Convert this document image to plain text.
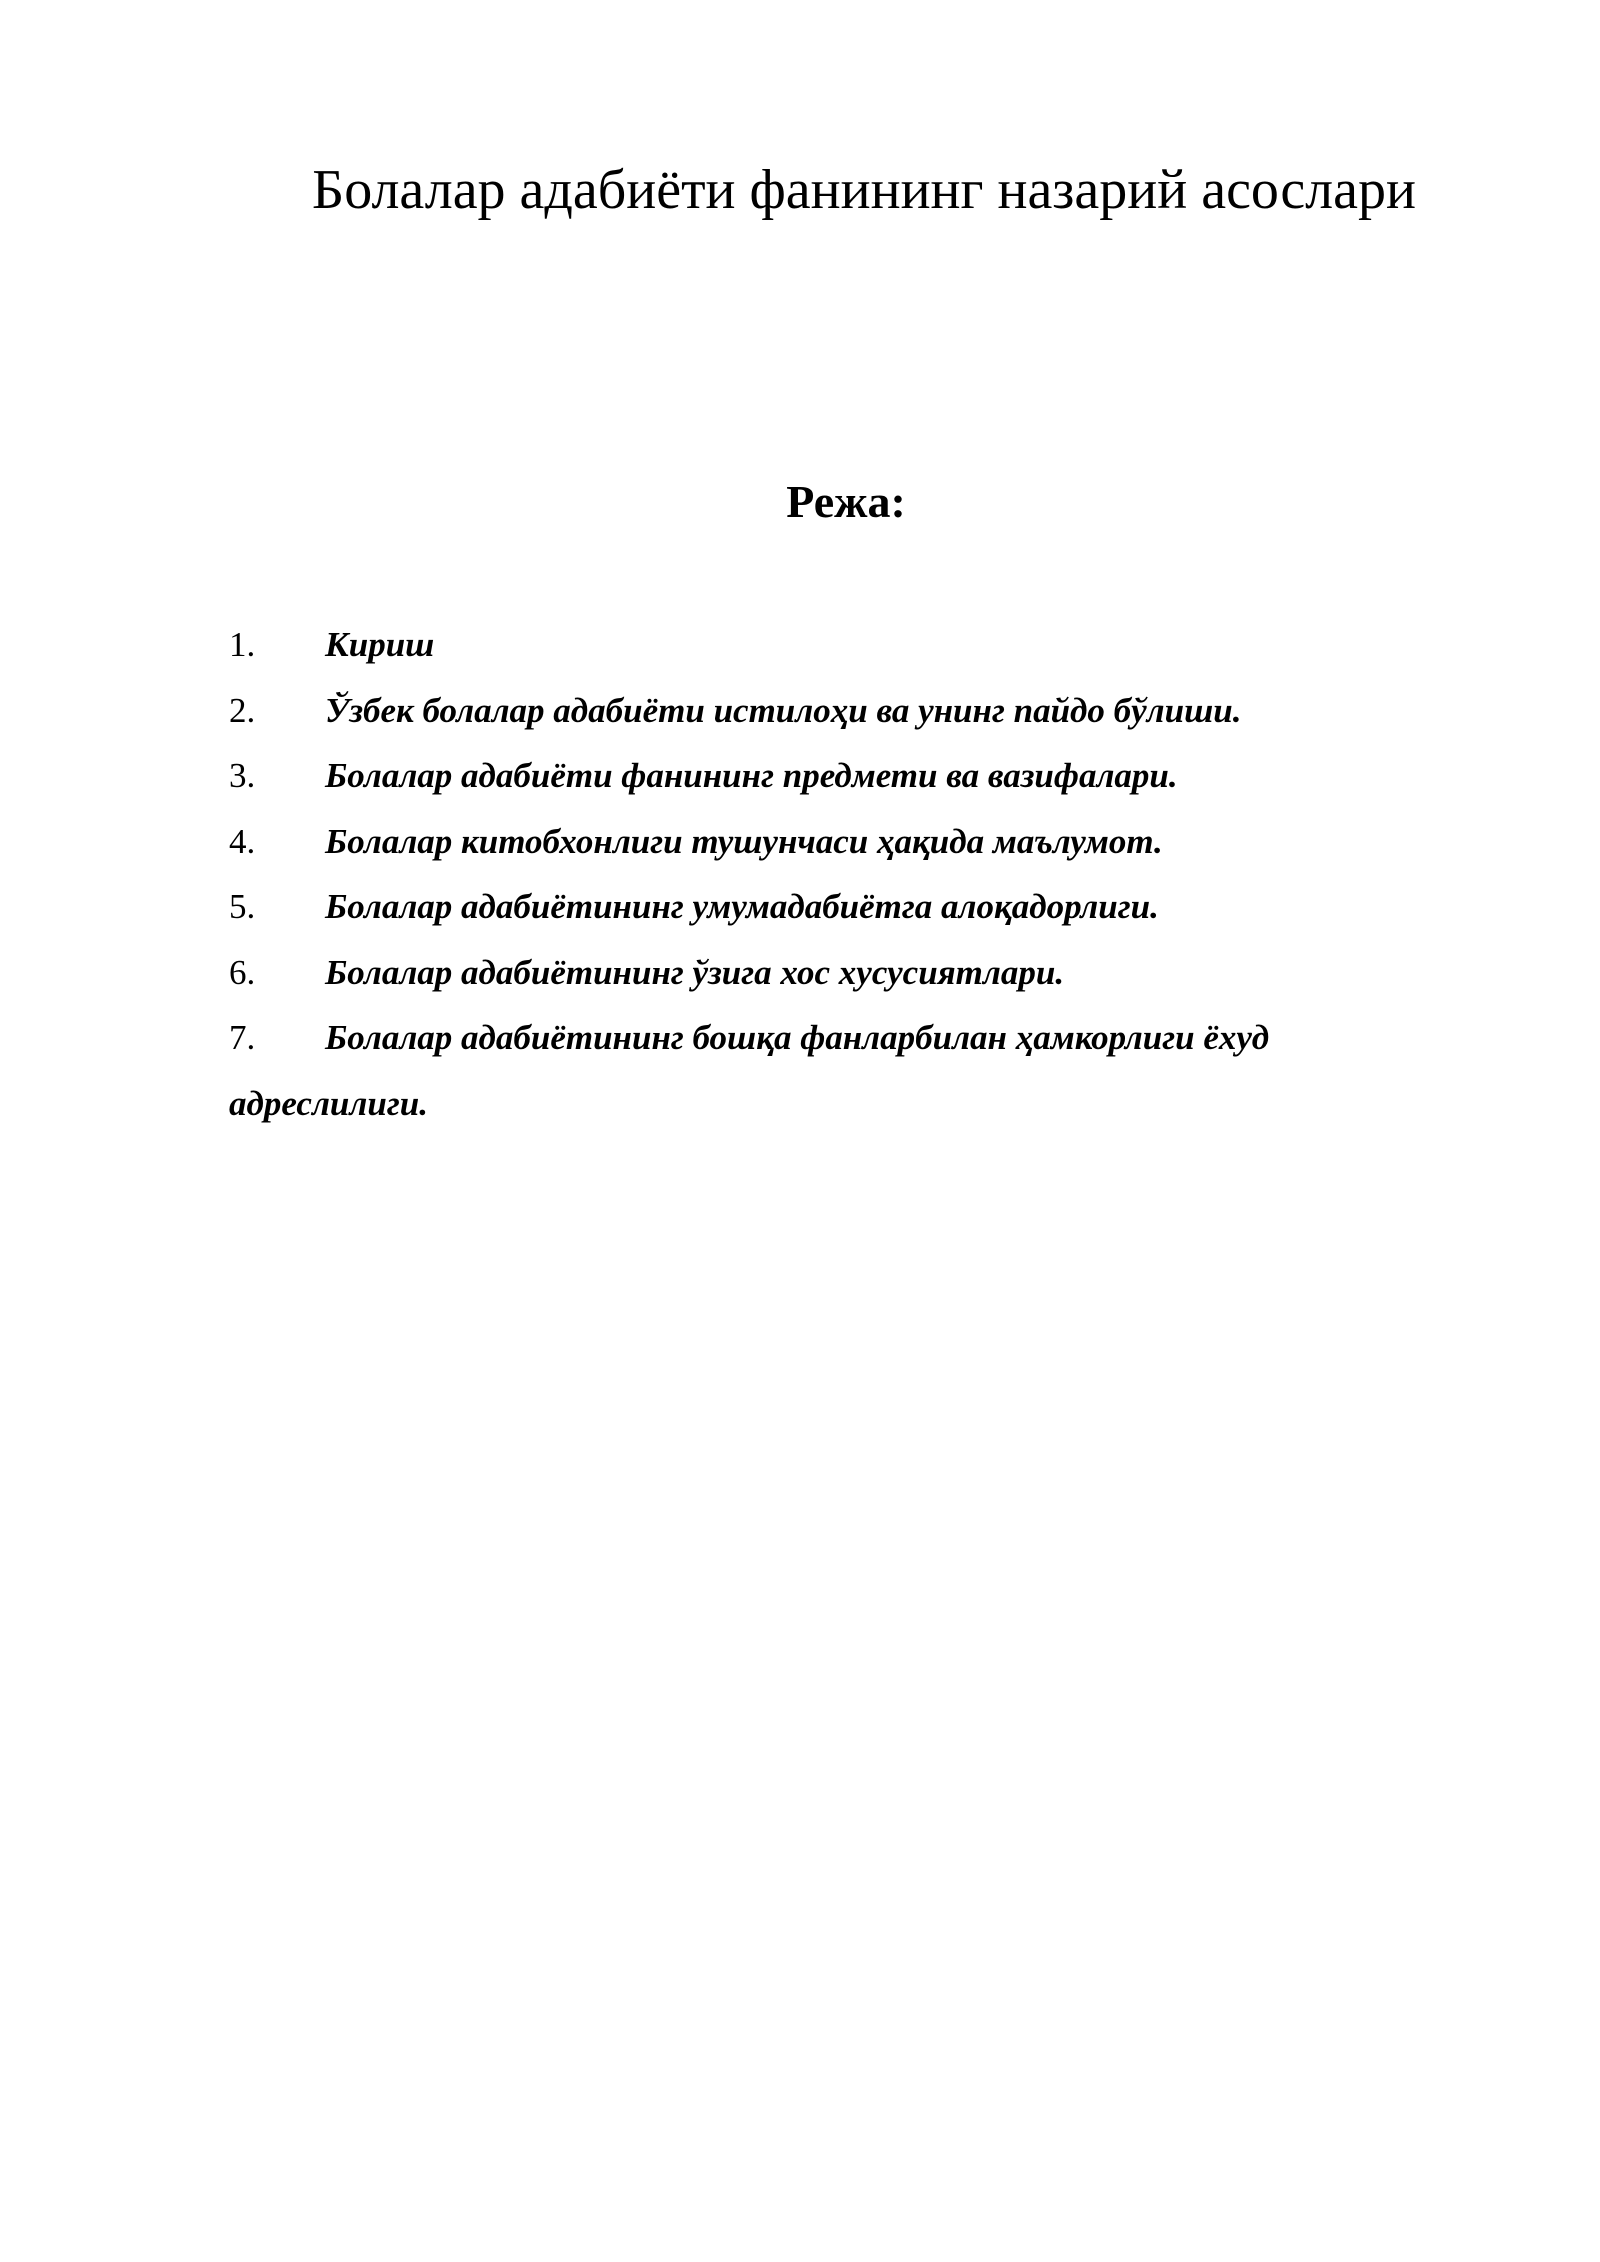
Болалар адабиёти фанининг назарий асослари
Режа:
1. Кириш
2. Ўзбек болалар адабиёти истилоҳи ва унинг пайдо бўлиши.
3. Болалар адабиёти фанининг предмети ва вазифалари.
4. Болалар китобхонлиги тушунчаси ҳақида маълумот.
5. Болалар адабиётининг умумадабиётга алоқадорлиги.
6. Болалар адабиётининг ўзига хос хусусиятлари.
7. Болалар адабиётининг бошқа фанларбилан ҳамкорлиги ёхуд адреслилиги.
